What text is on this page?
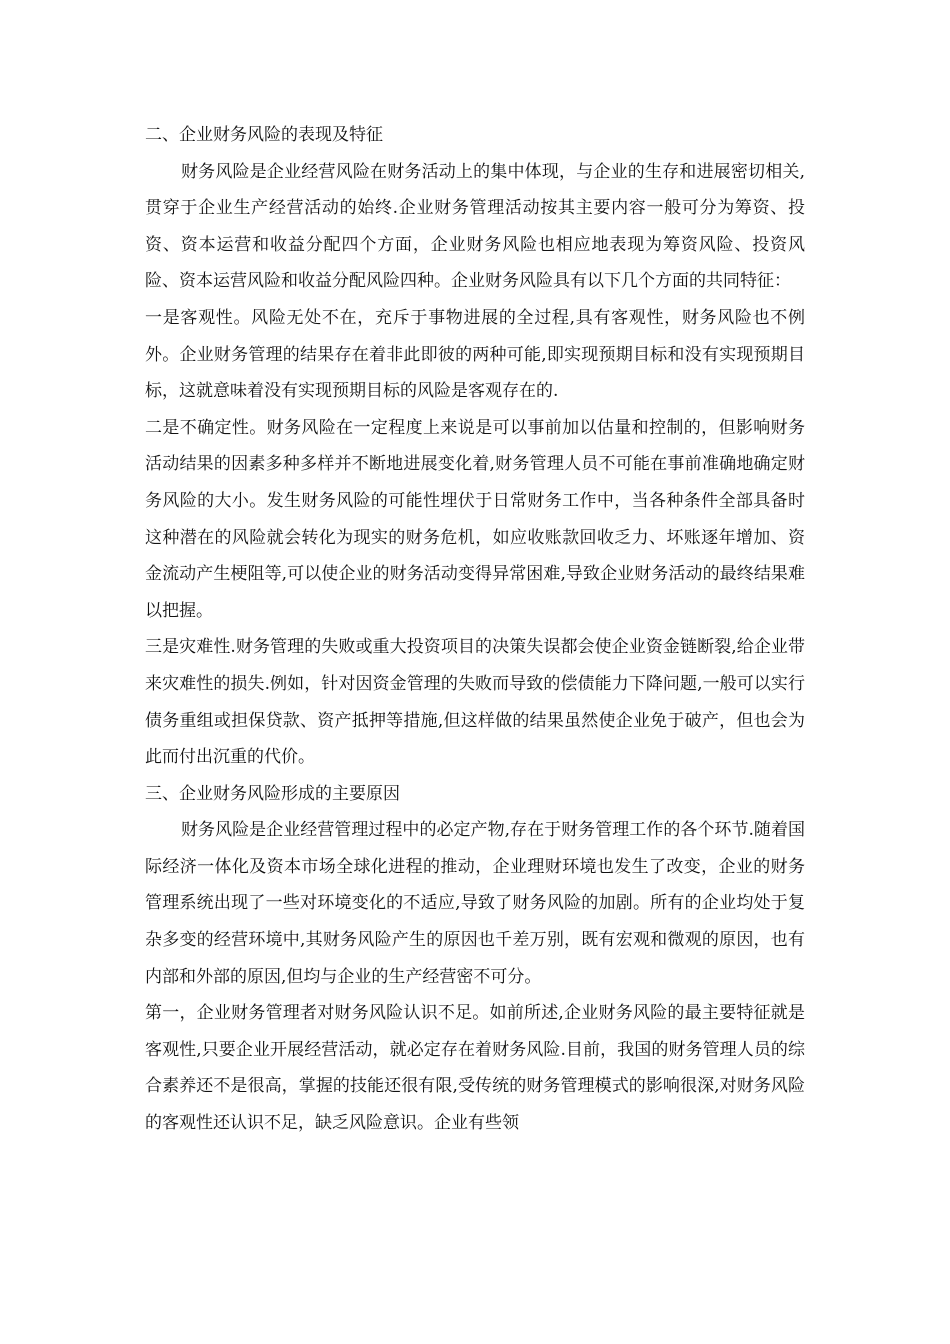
二、企业财务风险的表现及特征

财务风险是企业经营风险在财务活动上的集中体现，与企业的生存和进展密切相关,贯穿于企业生产经营活动的始终.企业财务管理活动按其主要内容一般可分为筹资、投资、资本运营和收益分配四个方面，企业财务风险也相应地表现为筹资风险、投资风险、资本运营风险和收益分配风险四种。企业财务风险具有以下几个方面的共同特征：

一是客观性。风险无处不在，充斥于事物进展的全过程,具有客观性，财务风险也不例外。企业财务管理的结果存在着非此即彼的两种可能,即实现预期目标和没有实现预期目标，这就意味着没有实现预期目标的风险是客观存在的.

二是不确定性。财务风险在一定程度上来说是可以事前加以估量和控制的，但影响财务活动结果的因素多种多样并不断地进展变化着,财务管理人员不可能在事前准确地确定财务风险的大小。发生财务风险的可能性埋伏于日常财务工作中，当各种条件全部具备时这种潜在的风险就会转化为现实的财务危机，如应收账款回收乏力、坏账逐年增加、资金流动产生梗阻等,可以使企业的财务活动变得异常困难,导致企业财务活动的最终结果难以把握。

三是灾难性.财务管理的失败或重大投资项目的决策失误都会使企业资金链断裂,给企业带来灾难性的损失.例如，针对因资金管理的失败而导致的偿债能力下降问题,一般可以实行债务重组或担保贷款、资产抵押等措施,但这样做的结果虽然使企业免于破产，但也会为此而付出沉重的代价。

三、企业财务风险形成的主要原因

财务风险是企业经营管理过程中的必定产物,存在于财务管理工作的各个环节.随着国际经济一体化及资本市场全球化进程的推动，企业理财环境也发生了改变，企业的财务管理系统出现了一些对环境变化的不适应,导致了财务风险的加剧。所有的企业均处于复杂多变的经营环境中,其财务风险产生的原因也千差万别，既有宏观和微观的原因，也有内部和外部的原因,但均与企业的生产经营密不可分。

第一，企业财务管理者对财务风险认识不足。如前所述,企业财务风险的最主要特征就是客观性,只要企业开展经营活动，就必定存在着财务风险.目前，我国的财务管理人员的综合素养还不是很高，掌握的技能还很有限,受传统的财务管理模式的影响很深,对财务风险的客观性还认识不足，缺乏风险意识。企业有些领
